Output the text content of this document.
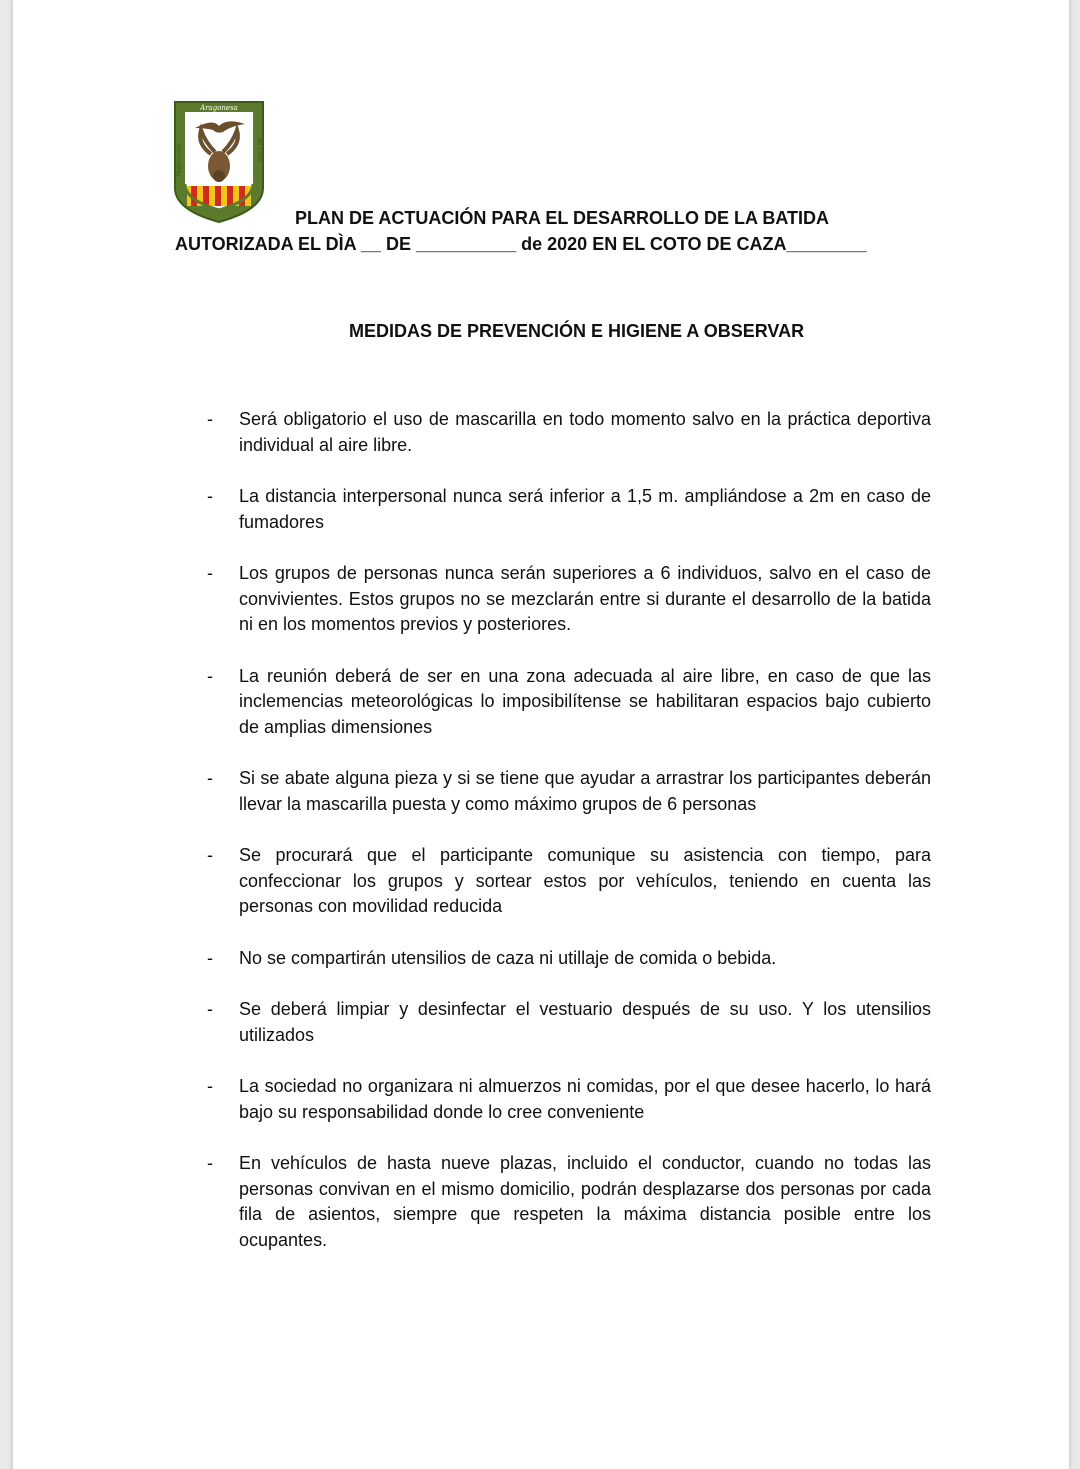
Aragonesa
Federación	de Caza
PLAN DE ACTUACIÓN PARA EL DESARROLLO DE LA BATIDA
AUTORIZADA EL DÌA __ DE __________ de 2020 EN EL COTO DE CAZA________
MEDIDAS DE PREVENCIÓN E HIGIENE A OBSERVAR
- Será obligatorio el uso de mascarilla en todo momento salvo en la práctica deportiva individual al aire libre.
- La distancia interpersonal nunca será inferior a 1,5 m. ampliándose a 2m en caso de fumadores
- Los grupos de personas nunca serán superiores a 6 individuos, salvo en el caso de convivientes. Estos grupos no se mezclarán entre si durante el desarrollo de la batida ni en los momentos previos y posteriores.
- La reunión deberá de ser en una zona adecuada al aire libre, en caso de que las inclemencias meteorológicas lo imposibilítense se habilitaran espacios bajo cubierto de amplias dimensiones
- Si se abate alguna pieza y si se tiene que ayudar a arrastrar los participantes deberán llevar la mascarilla puesta y como máximo grupos de 6 personas
- Se procurará que el participante comunique su asistencia con tiempo, para confeccionar los grupos y sortear estos por vehículos, teniendo en cuenta las personas con movilidad reducida
- No se compartirán utensilios de caza ni utillaje de comida o bebida.
- Se deberá limpiar y desinfectar el vestuario después de su uso. Y los utensilios utilizados
- La sociedad no organizara ni almuerzos ni comidas, por el que desee hacerlo, lo hará bajo su responsabilidad donde lo cree conveniente
- En vehículos de hasta nueve plazas, incluido el conductor, cuando no todas las personas convivan en el mismo domicilio, podrán desplazarse dos personas por cada fila de asientos, siempre que respeten la máxima distancia posible entre los ocupantes.
